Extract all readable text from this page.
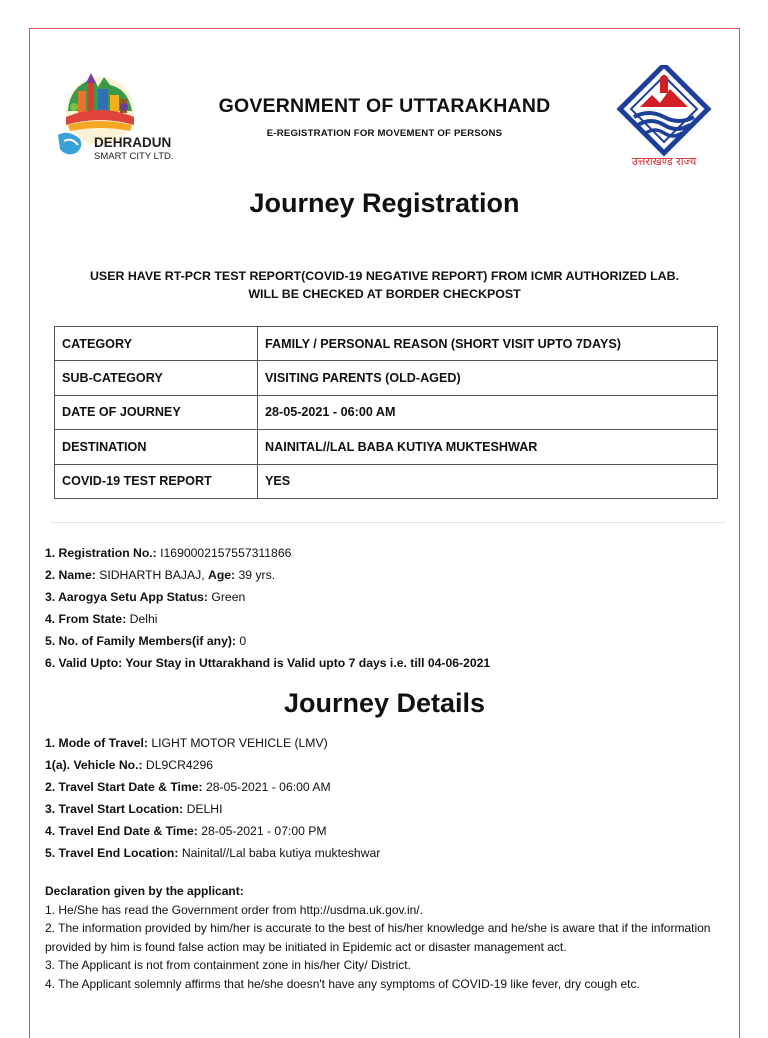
DEHRADUN
SMART CITY LTD.
GOVERNMENT OF UTTARAKHAND
E-REGISTRATION FOR MOVEMENT OF PERSONS
उत्तराखण्ड राज्य
Journey Registration
USER HAVE RT-PCR TEST REPORT(COVID-19 NEGATIVE REPORT) FROM ICMR AUTHORIZED LAB.
WILL BE CHECKED AT BORDER CHECKPOST
CATEGORY	FAMILY / PERSONAL REASON (SHORT VISIT UPTO 7DAYS)
SUB-CATEGORY	VISITING PARENTS (OLD-AGED)
DATE OF JOURNEY	28-05-2021 - 06:00 AM
DESTINATION	NAINITAL//LAL BABA KUTIYA MUKTESHWAR
COVID-19 TEST REPORT	YES
1. Registration No.: I1690002157557311866
2. Name: SIDHARTH BAJAJ, Age: 39 yrs.
3. Aarogya Setu App Status: Green
4. From State: Delhi
5. No. of Family Members(if any): 0
6. Valid Upto: Your Stay in Uttarakhand is Valid upto 7 days i.e. till 04-06-2021
Journey Details
1. Mode of Travel: LIGHT MOTOR VEHICLE (LMV)
1(a). Vehicle No.: DL9CR4296
2. Travel Start Date & Time: 28-05-2021 - 06:00 AM
3. Travel Start Location: DELHI
4. Travel End Date & Time: 28-05-2021 - 07:00 PM
5. Travel End Location: Nainital//Lal baba kutiya mukteshwar
Declaration given by the applicant:
1. He/She has read the Government order from http://usdma.uk.gov.in/.
2. The information provided by him/her is accurate to the best of his/her knowledge and he/she is aware that if the information provided by him is found false action may be initiated in Epidemic act or disaster management act.
3. The Applicant is not from containment zone in his/her City/ District.
4. The Applicant solemnly affirms that he/she doesn't have any symptoms of COVID-19 like fever, dry cough etc.
